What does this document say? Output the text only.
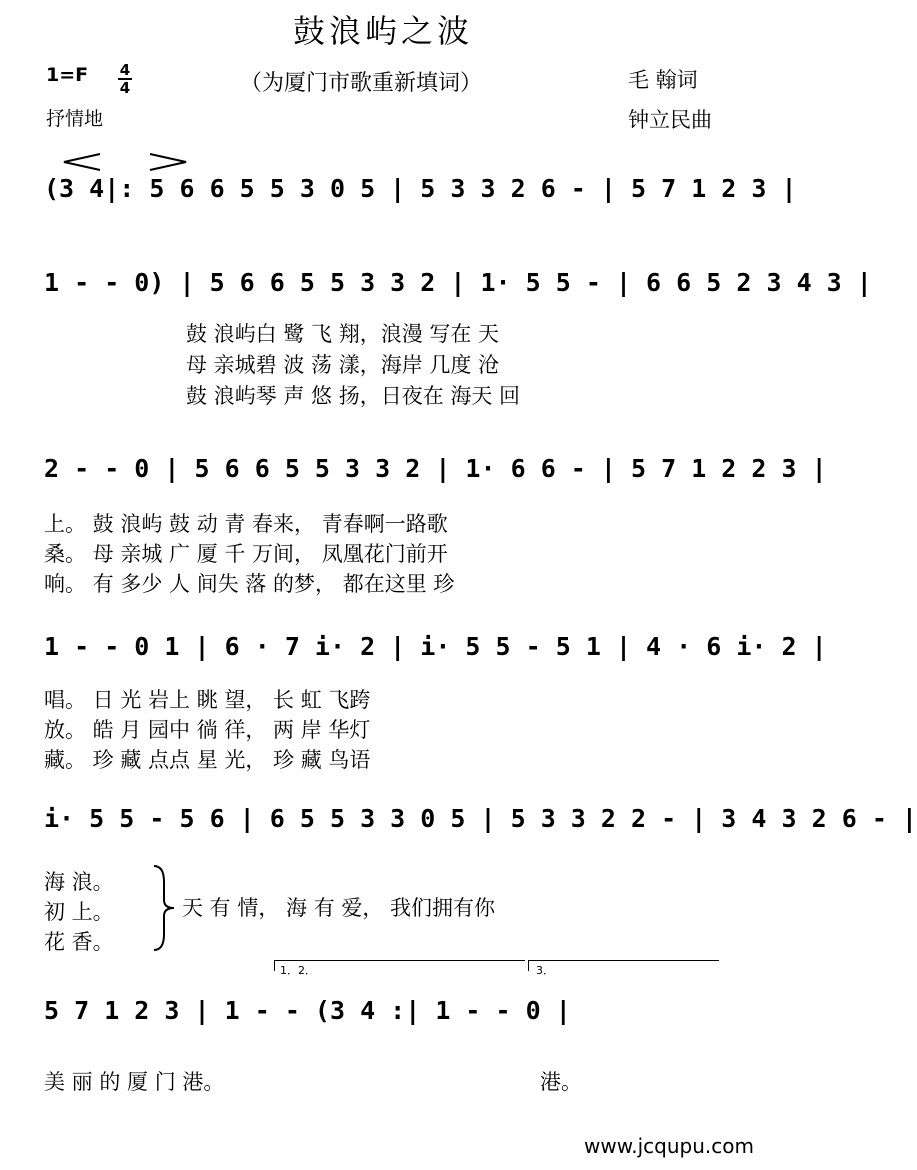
鼓浪屿之波
（为厦门市歌重新填词）
1=F 4
4
抒情地
毛 翰词
钟立民曲
(3 4|: 5 6 6 5 5 3 0 5 | 5 3 3 2 6 - | 5 7 1 2 3 |
1 - - 0) | 5 6 6 5 5 3 3 2 | 1· 5 5 - | 6 6 5 2 3 4 3 |
鼓 浪屿白 鹭 飞 翔，浪漫 写在 天
母 亲城碧 波 荡 漾，海岸 几度 沧
鼓 浪屿琴 声 悠 扬，日夜在 海天 回
2 - - 0 | 5 6 6 5 5 3 3 2 | 1· 6 6 - | 5 7 1 2 2 3 |
上。 鼓 浪屿 鼓 动 青 春来， 青春啊一路歌
桑。 母 亲城 广 厦 千 万间， 凤凰花门前开
响。 有 多少 人 间失 落 的梦， 都在这里 珍
1 - - 0 1 | 6 · 7 i· 2 | i· 5 5 - 5 1 | 4 · 6 i· 2 |
唱。 日 光 岩上 眺 望， 长 虹 飞跨
放。 皓 月 园中 徜 徉， 两 岸 华灯
藏。 珍 藏 点点 星 光， 珍 藏 鸟语
i· 5 5 - 5 6 | 6 5 5 3 3 0 5 | 5 3 3 2 2 - | 3 4 3 2 6 - |
海 浪。
初 上。
花 香。
天 有 情， 海 有 爱， 我们拥有你
1．2．	3．
5 7 1 2 3 | 1 - - (3 4 :| 1 - - 0 |
美 丽 的 厦 门 港。	港。
www.jcqupu.com
